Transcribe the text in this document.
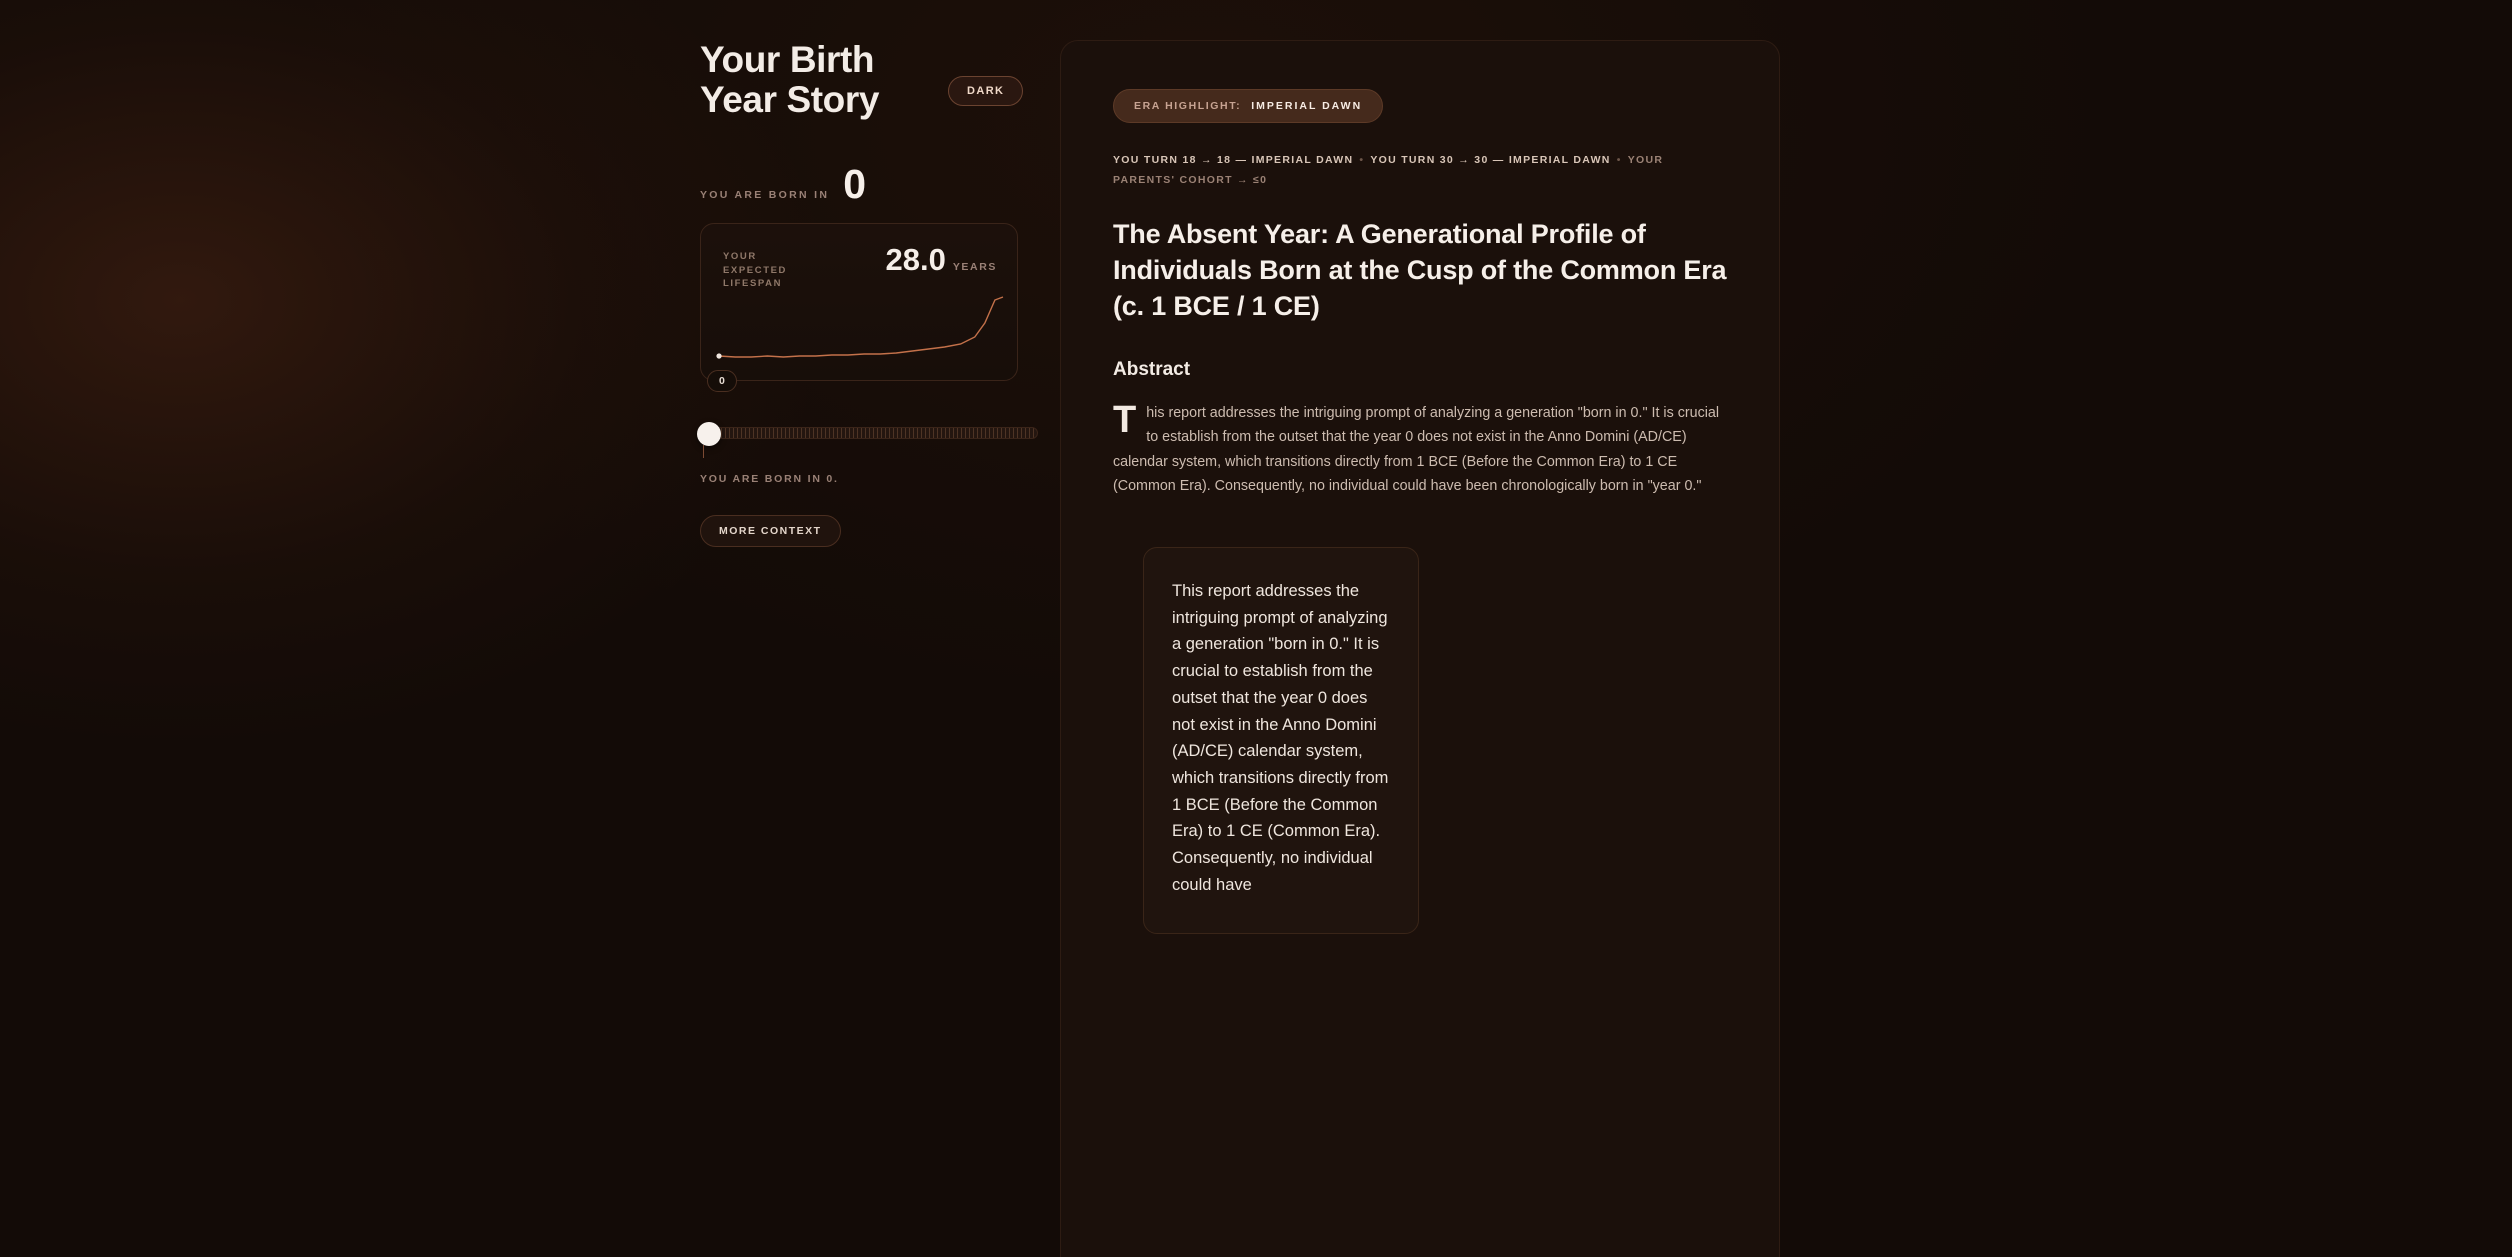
Your Birth Year Story	DARK
YOU ARE BORN IN 0
YOUR EXPECTED LIFESPAN
28.0 YEARS
0
YOU ARE BORN IN 0.
MORE CONTEXT
ERA HIGHLIGHT: IMPERIAL DAWN
YOU TURN 18 → 18 — IMPERIAL DAWN • YOU TURN 30 → 30 — IMPERIAL DAWN • YOUR PARENTS' COHORT → ≤0
The Absent Year: A Generational Profile of Individuals Born at the Cusp of the Common Era (c. 1 BCE / 1 CE)
Abstract

This report addresses the intriguing prompt of analyzing a generation "born in 0." It is crucial to establish from the outset that the year 0 does not exist in the Anno Domini (AD/CE) calendar system, which transitions directly from 1 BCE (Before the Common Era) to 1 CE (Common Era). Consequently, no individual could have been chronologically born in "year 0."

This report addresses the intriguing prompt of analyzing a generation "born in 0." It is crucial to establish from the outset that the year 0 does not exist in the Anno Domini (AD/CE) calendar system, which transitions directly from 1 BCE (Before the Common Era) to 1 CE (Common Era). Consequently, no individual could have
